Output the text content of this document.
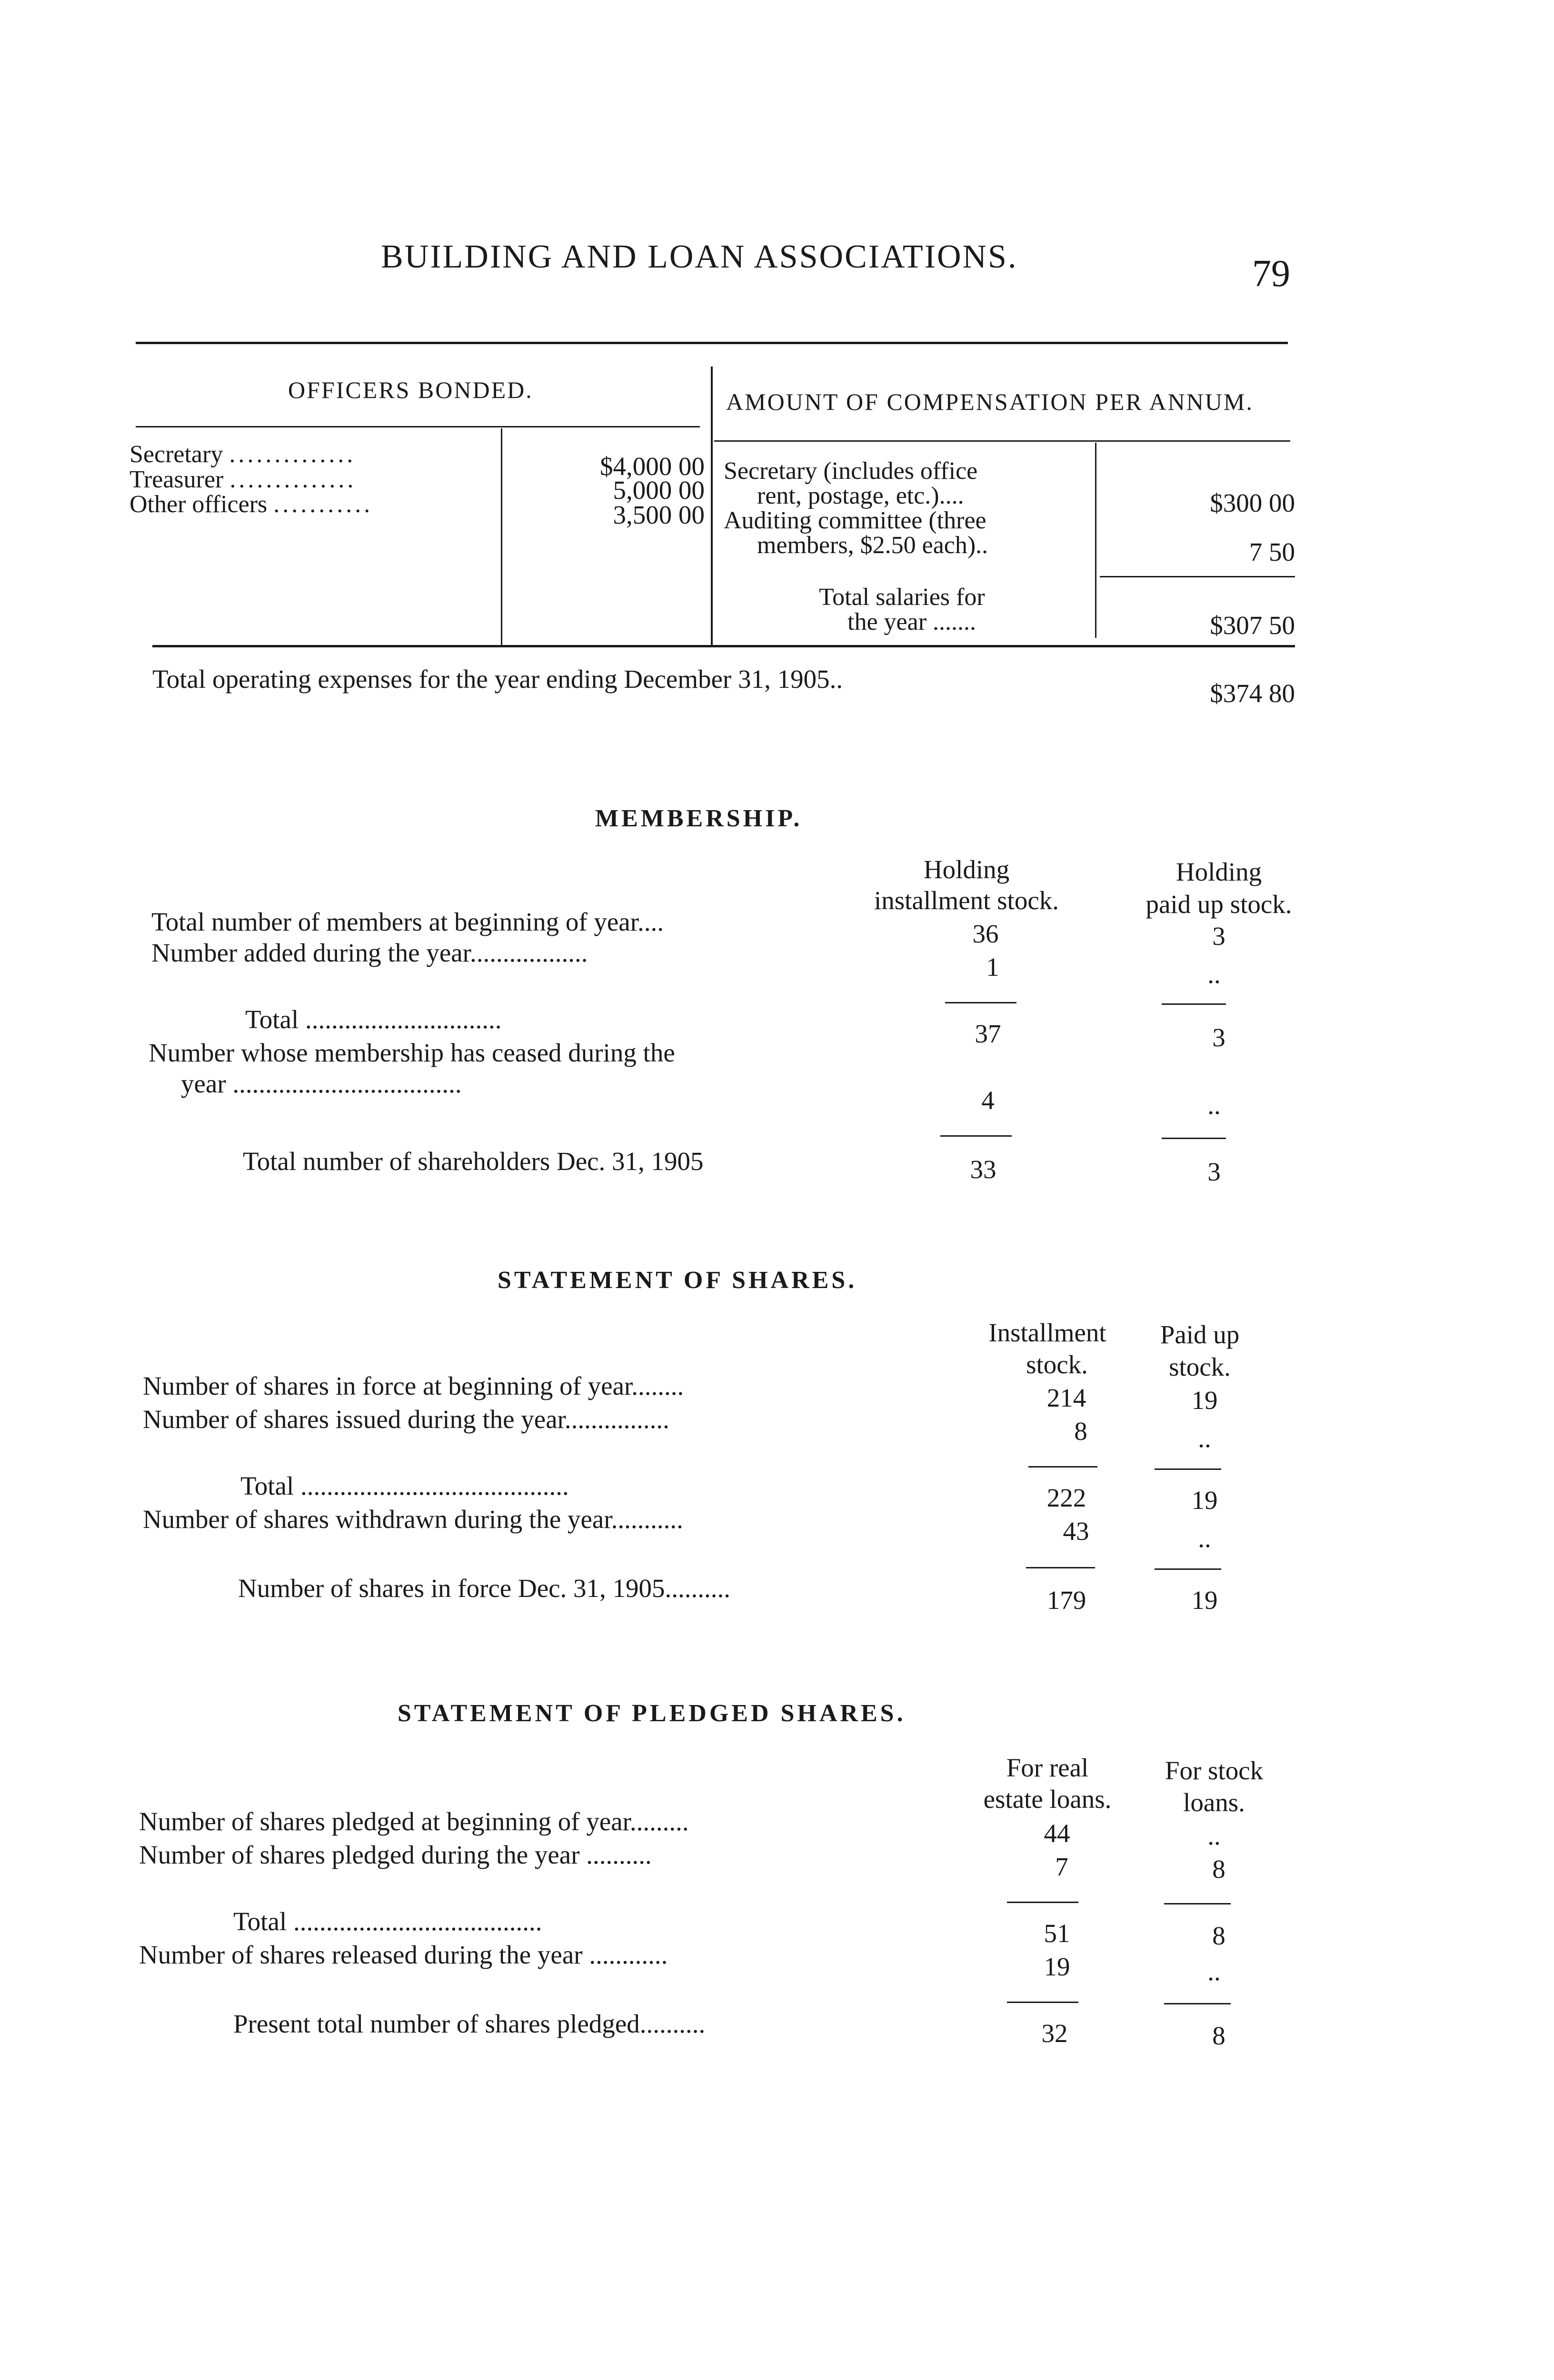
BUILDING AND LOAN ASSOCIATIONS.	79
OFFICERS BONDED.	AMOUNT OF COMPENSATION PER ANNUM.
Secretary ..............	$4,000 00
Treasurer ..............	5,000 00
Other officers ...........	3,500 00
Secretary (includes office
rent, postage, etc.)....	$300 00
Auditing committee (three
members, $2.50 each)..	7 50
Total salaries for
the year .......	$307 50
Total operating expenses for the year ending December 31, 1905..	$374 80
MEMBERSHIP.
Holding
installment stock.
Holding
paid up stock.
Total number of members at beginning of year....	36	3
Number added during the year..................	1	..
Total ..............................	37	3
Number whose membership has ceased during the
year ...................................
4	..
Total number of shareholders Dec. 31, 1905	33	3
STATEMENT OF SHARES.
Installment
stock.
Paid up
stock.
Number of shares in force at beginning of year........	214	19
Number of shares issued during the year................	8	..
Total .........................................	222	19
Number of shares withdrawn during the year...........	43	..
Number of shares in force Dec. 31, 1905..........	179	19
STATEMENT OF PLEDGED SHARES.
For real
estate loans.
For stock
loans.
Number of shares pledged at beginning of year.........	44	..
Number of shares pledged during the year ..........	7	8
Total ......................................	51	8
Number of shares released during the year ............	19	..
Present total number of shares pledged..........	32	8
